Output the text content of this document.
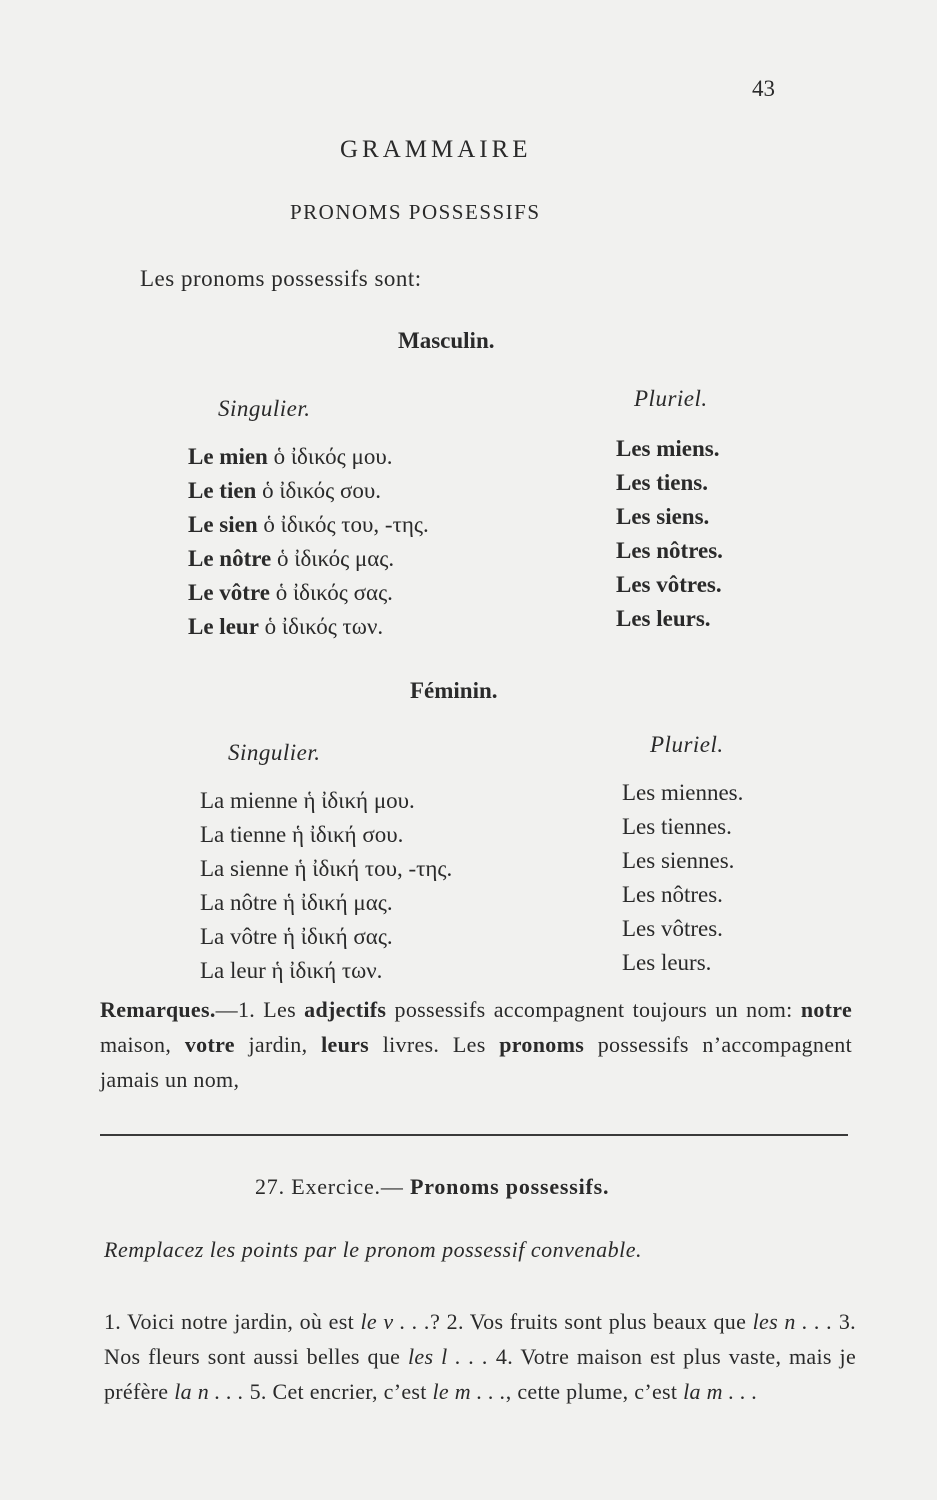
43
GRAMMAIRE
PRONOMS POSSESSIFS
Les pronoms possessifs sont:
Masculin.
Singulier.	Pluriel.
Le mien ὁ ἰδικός μου.
Le tien ὁ ἰδικός σου.
Le sien ὁ ἰδικός του, -της.
Le nôtre ὁ ἰδικός μας.
Le vôtre ὁ ἰδικός σας.
Le leur ὁ ἰδικός των.
Les miens.
Les tiens.
Les siens.
Les nôtres.
Les vôtres.
Les leurs.
Féminin.
Singulier.	Pluriel.
La mienne ἡ ἰδική μου.
La tienne ἡ ἰδική σου.
La sienne ἡ ἰδική του, -της.
La nôtre ἡ ἰδική μας.
La vôtre ἡ ἰδική σας.
La leur ἡ ἰδική των.
Les miennes.
Les tiennes.
Les siennes.
Les nôtres.
Les vôtres.
Les leurs.
Remarques.—1. Les adjectifs possessifs accompagnent toujours un nom: notre maison, votre jardin, leurs livres. Les pronoms possessifs n’accompagnent jamais un nom,
27. Exercice.— Pronoms possessifs.
Remplacez les points par le pronom possessif convenable.
1. Voici notre jardin, où est le v . . .? 2. Vos fruits sont plus beaux que les n . . . 3. Nos fleurs sont aussi belles que les l . . . 4. Votre maison est plus vaste, mais je préfère la n . . . 5. Cet encrier, c’est le m . . ., cette plume, c’est la m . . .
